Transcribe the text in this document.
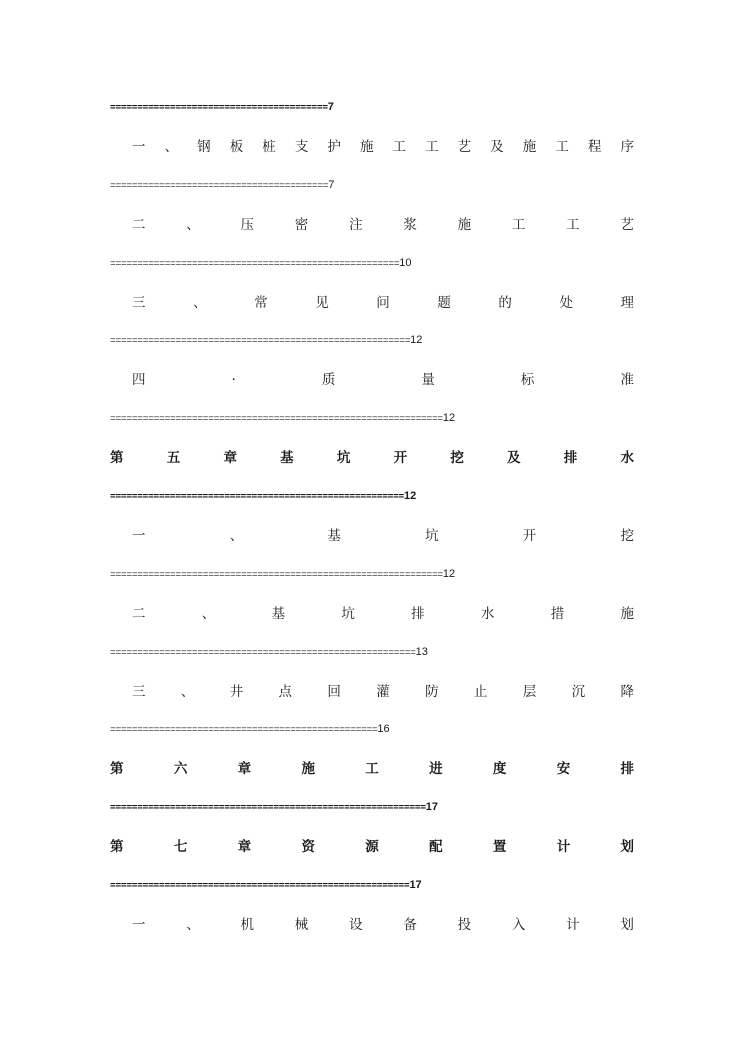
========================================7
一 、 钢 板 桩 支 护 施 工 工 艺 及 施 工 程 序
========================================7
二	、	压	密	注	浆	施	工	工	艺
=====================================================10
三	、	常	见	问	题	的	处	理
=======================================================12
四	·	质	量	标	准
=============================================================12
第	五	章	基	坑	开	挖	及	排	水
======================================================12
一	、	基	坑	开	挖
=============================================================12
二	、	基	坑	排	水	措	施
========================================================13
三	、	井	点	回	灌	防	止	层	沉	降
=================================================16
第	六	章	施	工	进	度	安	排
==========================================================17
第	七	章	资	源	配	置	计	划
=======================================================17
一	、	机	械	设	备	投	入	计	划
